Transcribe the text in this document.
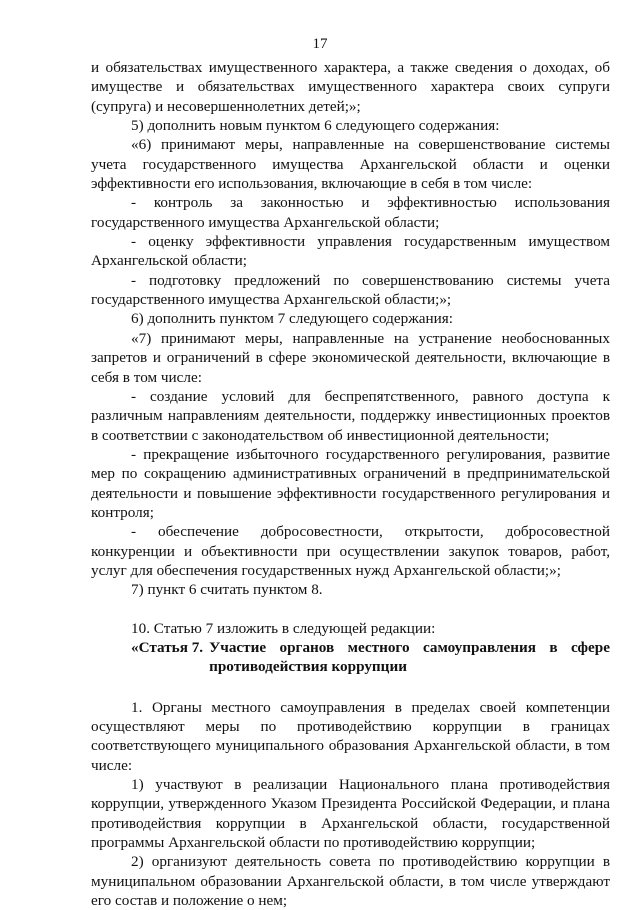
17

и обязательствах имущественного характера, а также сведения о доходах, об имуществе и обязательствах имущественного характера своих супруги (супруга) и несовершеннолетних детей;»;

5) дополнить новым пунктом 6 следующего содержания:

«6) принимают меры, направленные на совершенствование системы учета государственного имущества Архангельской области и оценки эффективности его использования, включающие в себя в том числе:

- контроль за законностью и эффективностью использования государственного имущества Архангельской области;

- оценку эффективности управления государственным имуществом Архангельской области;

- подготовку предложений по совершенствованию системы учета государственного имущества Архангельской области;»;

6) дополнить пунктом 7 следующего содержания:

«7) принимают меры, направленные на устранение необоснованных запретов и ограничений в сфере экономической деятельности, включающие в себя в том числе:

- создание условий для беспрепятственного, равного доступа к различным направлениям деятельности, поддержку инвестиционных проектов в соответствии с законодательством об инвестиционной деятельности;

- прекращение избыточного государственного регулирования, развитие мер по сокращению административных ограничений в предпринимательской деятельности и повышение эффективности государственного регулирования и контроля;

- обеспечение добросовестности, открытости, добросовестной конкуренции и объективности при осуществлении закупок товаров, работ, услуг для обеспечения государственных нужд Архангельской области;»;

7) пункт 6 считать пунктом 8.

10. Статью 7 изложить в следующей редакции:

«Статья 7. Участие органов местного самоуправления в сфере противодействия коррупции

1. Органы местного самоуправления в пределах своей компетенции осуществляют меры по противодействию коррупции в границах соответствующего муниципального образования Архангельской области, в том числе:

1) участвуют в реализации Национального плана противодействия коррупции, утвержденного Указом Президента Российской Федерации, и плана противодействия коррупции в Архангельской области, государственной программы Архангельской области по противодействию коррупции;

2) организуют деятельность совета по противодействию коррупции в муниципальном образовании Архангельской области, в том числе утверждают его состав и положение о нем;
